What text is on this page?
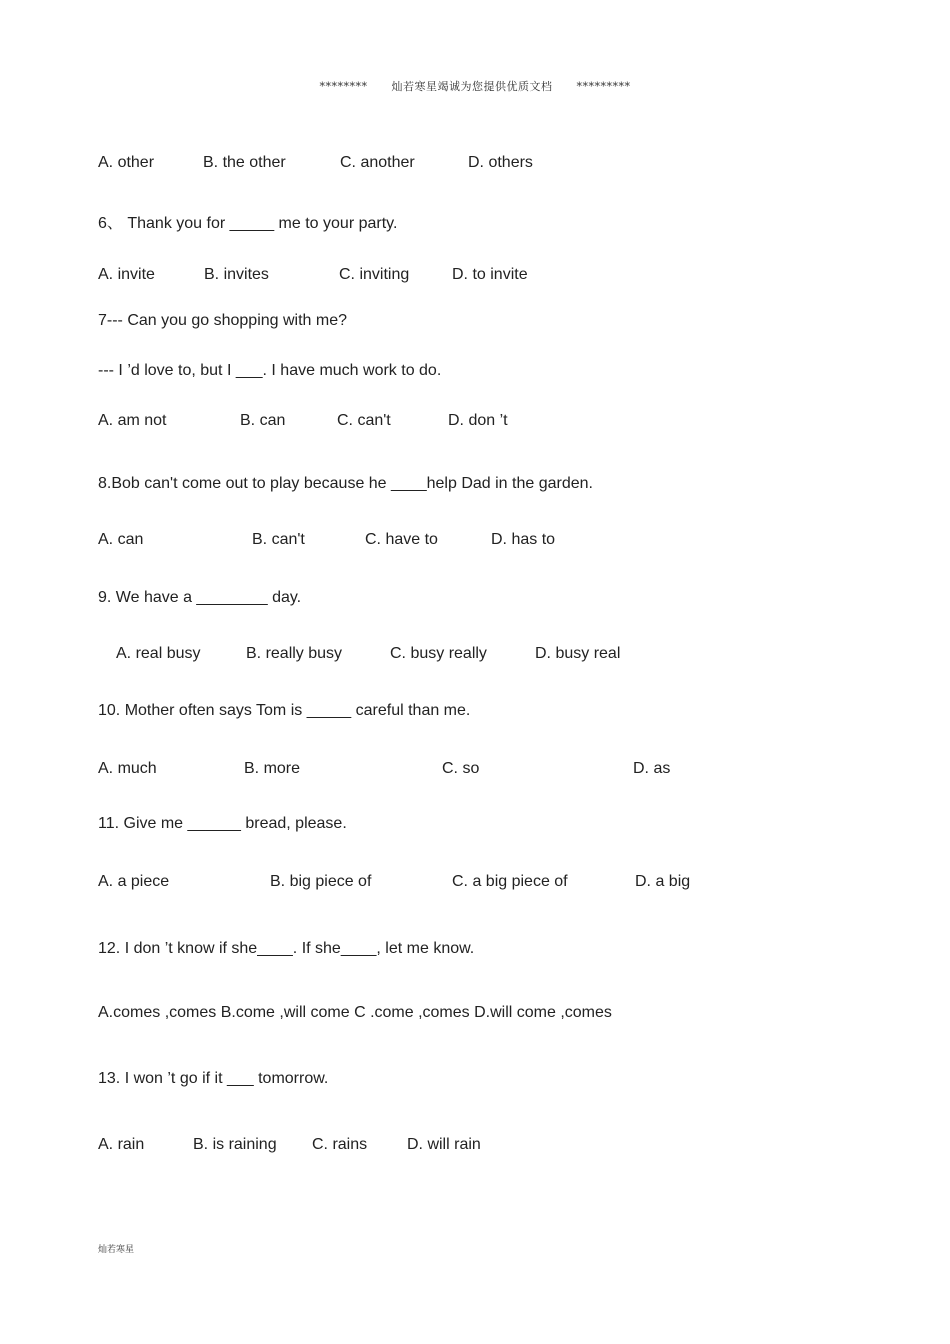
******** 灿若寒星竭诚为您提供优质文档 *********
A. other	B. the other	C. another	D. others
6、 Thank you for _____ me to your party.
A. invite	B. invites	C. inviting	D. to invite
7--- Can you go shopping with me?
--- I ’d love to, but I ___. I have much work to do.
A. am not	B. can	C. can't	D. don ’t
8.Bob can't come out to play because he ____help Dad in the garden.
A. can	B. can't	C. have to	D. has to
9. We have a ________ day.
A. real busy	B. really busy	C. busy really	D. busy real
10. Mother often says Tom is _____ careful than me.
A. much	B. more	C. so	D. as
11. Give me ______ bread, please.
A. a piece	B. big piece of	C. a big piece of	D. a big
12. I don ’t know if she____. If she____, let me know.
A.comes ,comes B.come ,will come C .come ,comes D.will come ,comes
13. I won ’t go if it ___ tomorrow.
A. rain	B. is raining C. rains D. will rain
灿若寒星
